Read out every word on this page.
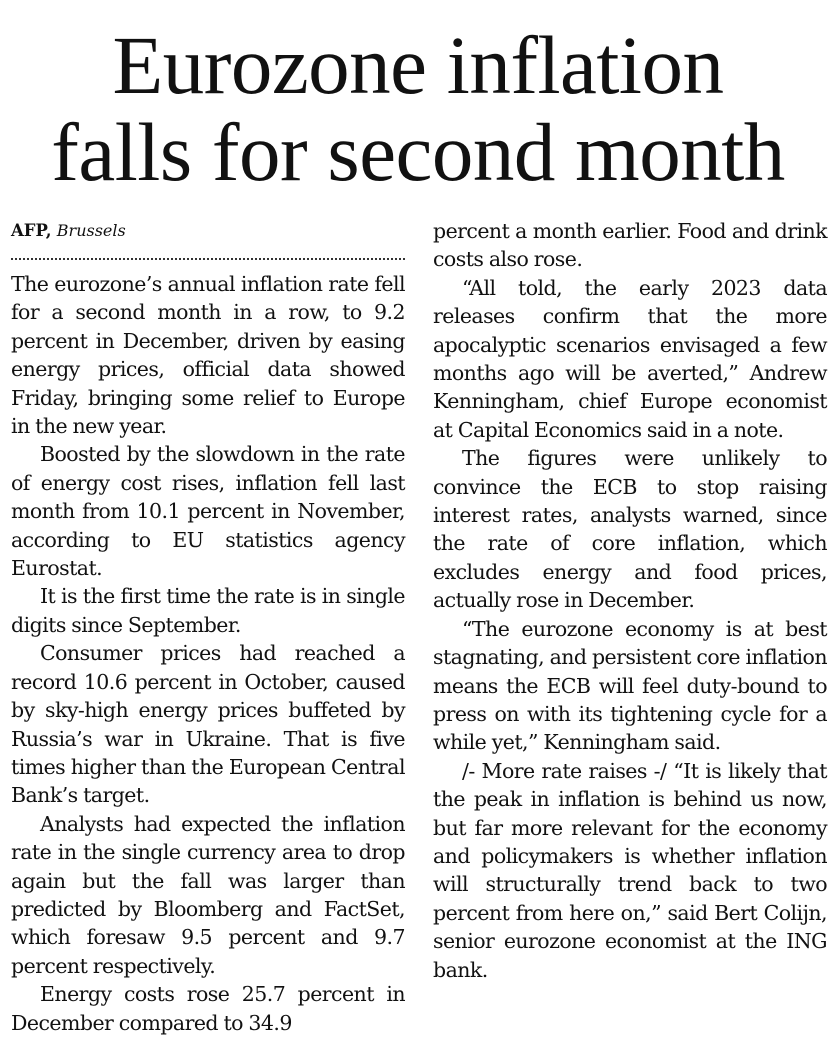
Eurozone inflation
falls for second month
AFP, Brussels

The eurozone’s annual inflation rate fell for a second month in a row, to 9.2 percent in December, driven by easing energy prices, official data showed Friday, bringing some relief to Europe in the new year.

Boosted by the slowdown in the rate of energy cost rises, inflation fell last month from 10.1 percent in November, according to EU statistics agency Eurostat.

It is the first time the rate is in single digits since September.

Consumer prices had reached a record 10.6 percent in October, caused by sky-high energy prices buffeted by Russia’s war in Ukraine. That is five times higher than the European Central Bank’s target.

Analysts had expected the inflation rate in the single currency area to drop again but the fall was larger than predicted by Bloomberg and FactSet, which foresaw 9.5 percent and 9.7 percent respectively.

Energy costs rose 25.7 percent in December compared to 34.9

percent a month earlier. Food and drink costs also rose.

“All told, the early 2023 data releases confirm that the more apocalyptic scenarios envisaged a few months ago will be averted,” Andrew Kenningham, chief Europe economist at Capital Economics said in a note.

The figures were unlikely to convince the ECB to stop raising interest rates, analysts warned, since the rate of core inflation, which excludes energy and food prices, actually rose in December.

“The eurozone economy is at best stagnating, and persistent core inflation means the ECB will feel duty-bound to press on with its tightening cycle for a while yet,” Kenningham said.

/- More rate raises -/ “It is likely that the peak in inflation is behind us now, but far more relevant for the economy and policymakers is whether inflation will structurally trend back to two percent from here on,” said Bert Colijn, senior eurozone economist at the ING bank.
